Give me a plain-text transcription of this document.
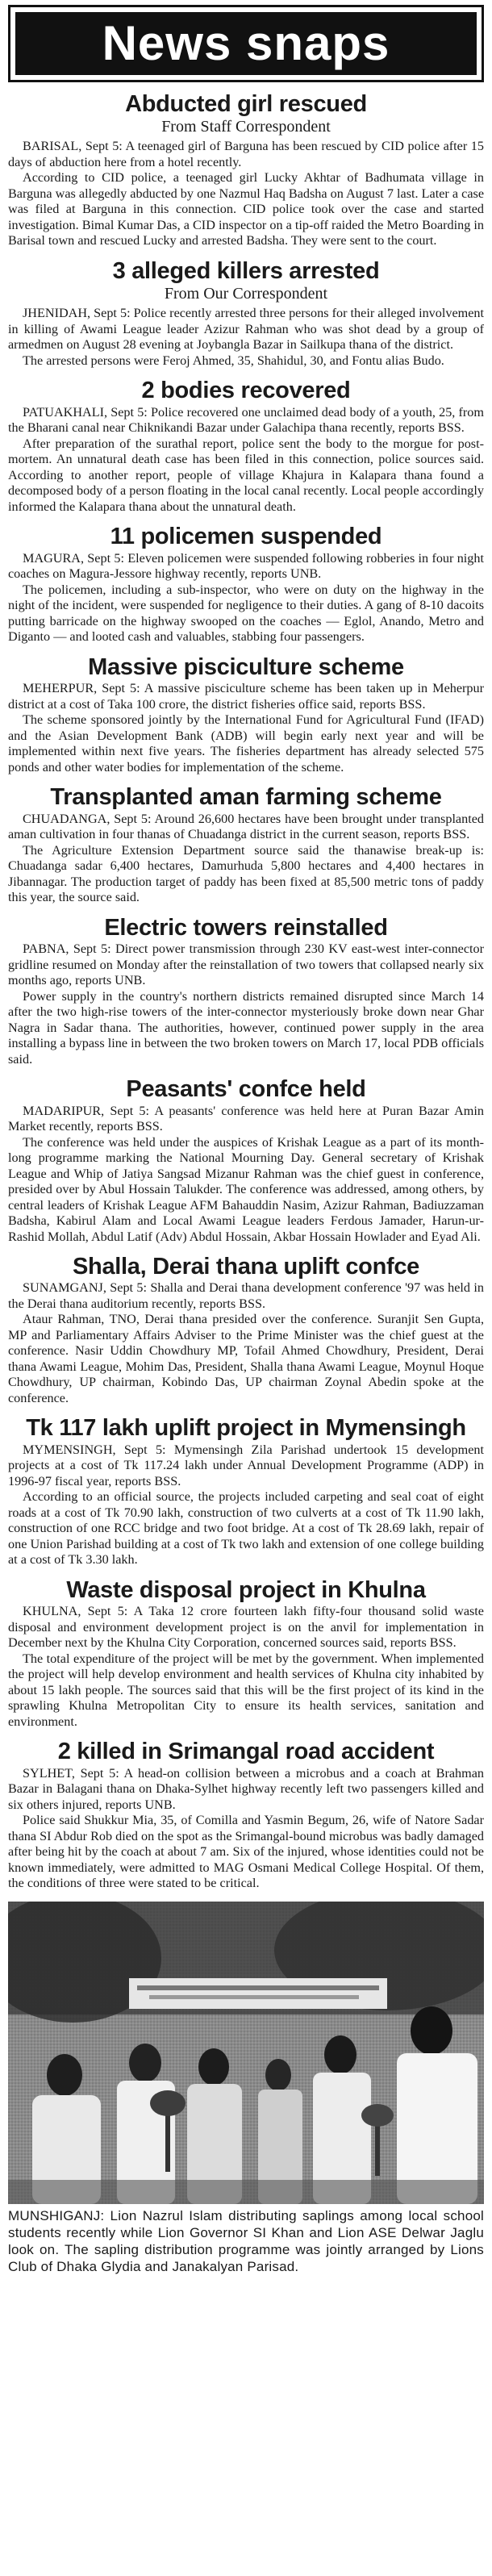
News snaps
Abducted girl rescued
From Staff Correspondent

BARISAL, Sept 5: A teenaged girl of Barguna has been rescued by CID police after 15 days of abduction here from a hotel recently.

According to CID police, a teenaged girl Lucky Akhtar of Badhumata village in Barguna was allegedly abducted by one Nazmul Haq Badsha on August 7 last. Later a case was filed at Barguna in this connection. CID police took over the case and started investigation. Bimal Kumar Das, a CID inspector on a tip-off raided the Metro Boarding in Barisal town and rescued Lucky and arrested Badsha. They were sent to the court.

3 alleged killers arrested
From Our Correspondent

JHENIDAH, Sept 5: Police recently arrested three persons for their alleged involvement in killing of Awami League leader Azizur Rahman who was shot dead by a group of armedmen on August 28 evening at Joybangla Bazar in Sailkupa thana of the district.

The arrested persons were Feroj Ahmed, 35, Shahidul, 30, and Fontu alias Budo.

2 bodies recovered

PATUAKHALI, Sept 5: Police recovered one unclaimed dead body of a youth, 25, from the Bharani canal near Chiknikandi Bazar under Galachipa thana recently, reports BSS.

After preparation of the surathal report, police sent the body to the morgue for post-mortem. An unnatural death case has been filed in this connection, police sources said. According to another report, people of village Khajura in Kalapara thana found a decomposed body of a person floating in the local canal recently. Local people accordingly informed the Kalapara thana about the unnatural death.

11 policemen suspended

MAGURA, Sept 5: Eleven policemen were suspended following robberies in four night coaches on Magura-Jessore highway recently, reports UNB.

The policemen, including a sub-inspector, who were on duty on the highway in the night of the incident, were suspended for negligence to their duties. A gang of 8-10 dacoits putting barricade on the highway swooped on the coaches — Eglol, Anando, Metro and Diganto — and looted cash and valuables, stabbing four passengers.

Massive pisciculture scheme

MEHERPUR, Sept 5: A massive pisciculture scheme has been taken up in Meherpur district at a cost of Taka 100 crore, the district fisheries office said, reports BSS.

The scheme sponsored jointly by the International Fund for Agricultural Fund (IFAD) and the Asian Development Bank (ADB) will begin early next year and will be implemented within next five years. The fisheries department has already selected 575 ponds and other water bodies for implementation of the scheme.

Transplanted aman farming scheme

CHUADANGA, Sept 5: Around 26,600 hectares have been brought under transplanted aman cultivation in four thanas of Chuadanga district in the current season, reports BSS.

The Agriculture Extension Department source said the thanawise break-up is: Chuadanga sadar 6,400 hectares, Damurhuda 5,800 hectares and 4,400 hectares in Jibannagar. The production target of paddy has been fixed at 85,500 metric tons of paddy this year, the source said.

Electric towers reinstalled

PABNA, Sept 5: Direct power transmission through 230 KV east-west inter-connector gridline resumed on Monday after the reinstallation of two towers that collapsed nearly six months ago, reports UNB.

Power supply in the country's northern districts remained disrupted since March 14 after the two high-rise towers of the inter-connector mysteriously broke down near Ghar Nagra in Sadar thana. The authorities, however, continued power supply in the area installing a bypass line in between the two broken towers on March 17, local PDB officials said.

Peasants' confce held

MADARIPUR, Sept 5: A peasants' conference was held here at Puran Bazar Amin Market recently, reports BSS.

The conference was held under the auspices of Krishak League as a part of its month-long programme marking the National Mourning Day. General secretary of Krishak League and Whip of Jatiya Sangsad Mizanur Rahman was the chief guest in conference, presided over by Abul Hossain Talukder. The conference was addressed, among others, by central leaders of Krishak League AFM Bahauddin Nasim, Azizur Rahman, Badiuzzaman Badsha, Kabirul Alam and Local Awami League leaders Ferdous Jamader, Harun-ur-Rashid Mollah, Abdul Latif (Adv) Abdul Hossain, Akbar Hossain Howlader and Eyad Ali.

Shalla, Derai thana uplift confce

SUNAMGANJ, Sept 5: Shalla and Derai thana development conference '97 was held in the Derai thana auditorium recently, reports BSS.

Ataur Rahman, TNO, Derai thana presided over the conference. Suranjit Sen Gupta, MP and Parliamentary Affairs Adviser to the Prime Minister was the chief guest at the conference. Nasir Uddin Chowdhury MP, Tofail Ahmed Chowdhury, President, Derai thana Awami League, Mohim Das, President, Shalla thana Awami League, Moynul Hoque Chowdhury, UP chairman, Kobindo Das, UP chairman Zoynal Abedin spoke at the conference.

Tk 117 lakh uplift project in Mymensingh

MYMENSINGH, Sept 5: Mymensingh Zila Parishad undertook 15 development projects at a cost of Tk 117.24 lakh under Annual Development Programme (ADP) in 1996-97 fiscal year, reports BSS.

According to an official source, the projects included carpeting and seal coat of eight roads at a cost of Tk 70.90 lakh, construction of two culverts at a cost of Tk 11.90 lakh, construction of one RCC bridge and two foot bridge. At a cost of Tk 28.69 lakh, repair of one Union Parishad building at a cost of Tk two lakh and extension of one college building at a cost of Tk 3.30 lakh.

Waste disposal project in Khulna

KHULNA, Sept 5: A Taka 12 crore fourteen lakh fifty-four thousand solid waste disposal and environment development project is on the anvil for implementation in December next by the Khulna City Corporation, concerned sources said, reports BSS.

The total expenditure of the project will be met by the government. When implemented the project will help develop environment and health services of Khulna city inhabited by about 15 lakh people. The sources said that this will be the first project of its kind in the sprawling Khulna Metropolitan City to ensure its health services, sanitation and environment.

2 killed in Srimangal road accident

SYLHET, Sept 5: A head-on collision between a microbus and a coach at Brahman Bazar in Balagani thana on Dhaka-Sylhet highway recently left two passengers killed and six others injured, reports UNB.

Police said Shukkur Mia, 35, of Comilla and Yasmin Begum, 26, wife of Natore Sadar thana SI Abdur Rob died on the spot as the Srimangal-bound microbus was badly damaged after being hit by the coach at about 7 am. Six of the injured, whose identities could not be known immediately, were admitted to MAG Osmani Medical College Hospital. Of them, the conditions of three were stated to be critical.

MUNSHIGANJ: Lion Nazrul Islam distributing saplings among local school students recently while Lion Governor SI Khan and Lion ASE Delwar Jaglu look on. The sapling distribution programme was jointly arranged by Lions Club of Dhaka Glydia and Janakalyan Parisad.
